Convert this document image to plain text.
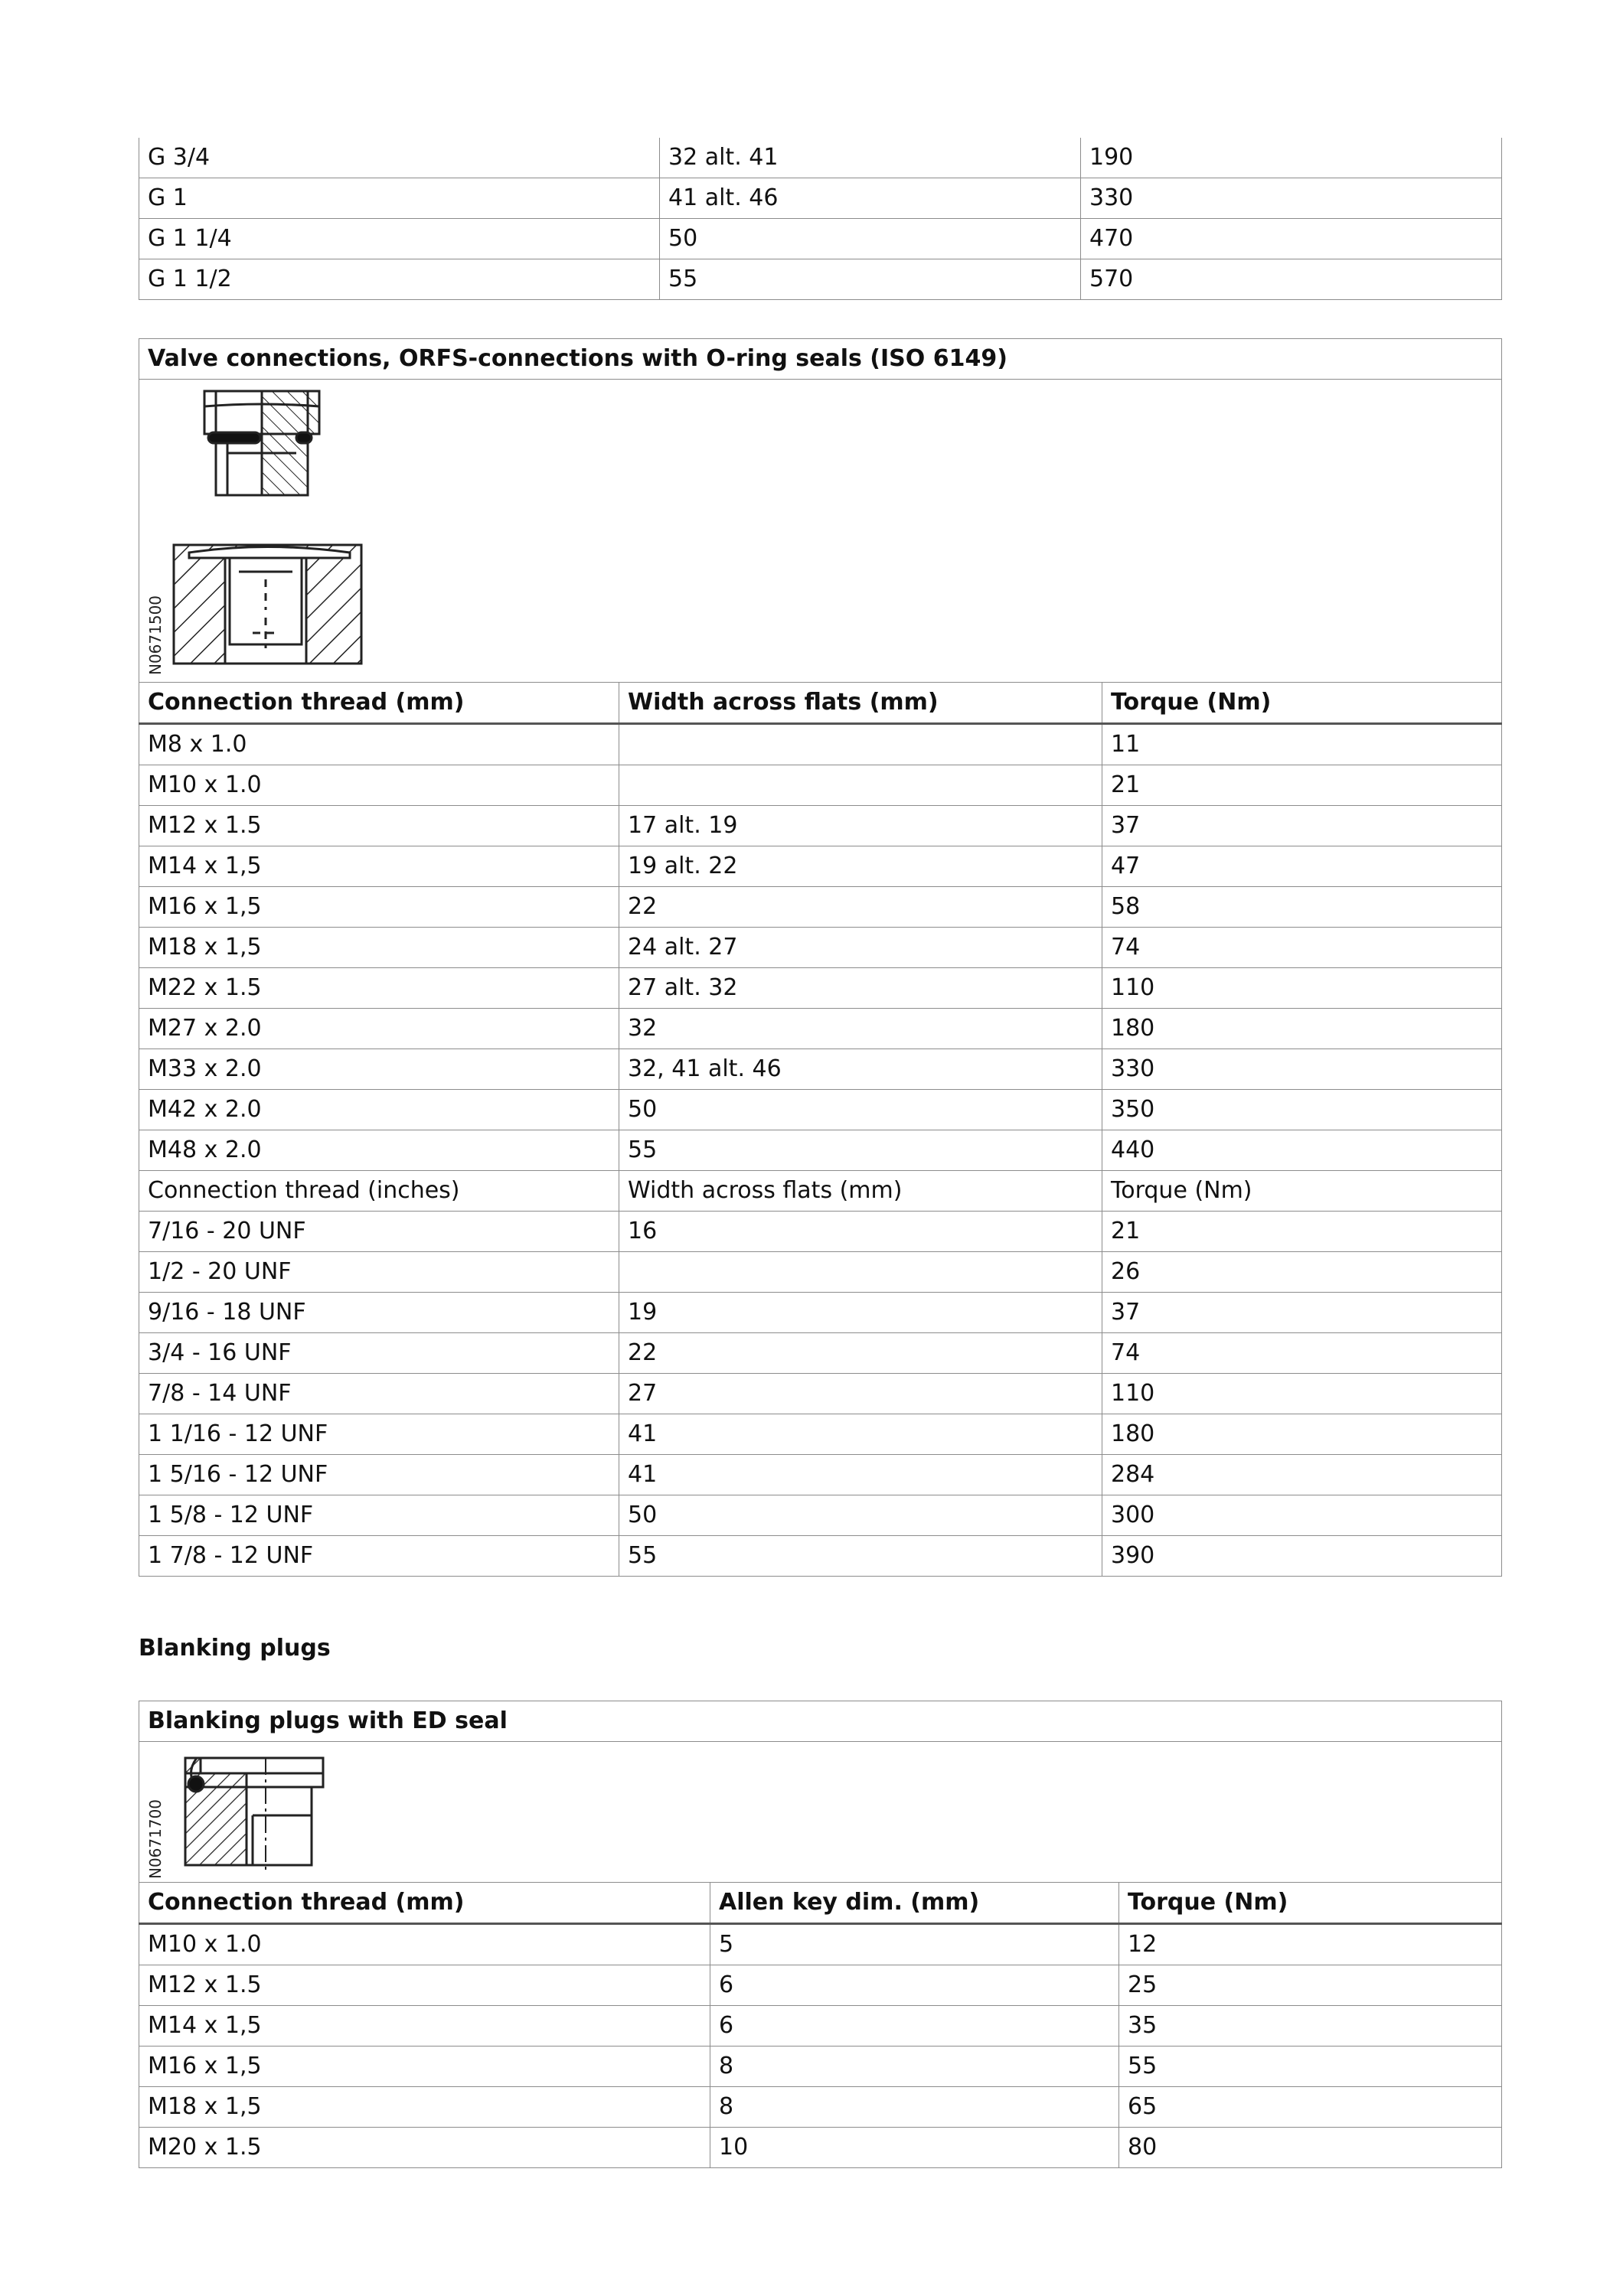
G 3/4	32 alt. 41	190
G 1	41 alt. 46	330
G 1 1/4	50	470
G 1 1/2	55	570
Valve connections, ORFS-connections with O-ring seals (ISO 6149)		

N0671500		

Connection thread (mm)	Width across flats (mm)	Torque (Nm)
M8 x 1.0		11
M10 x 1.0		21
M12 x 1.5	17 alt. 19	37
M14 x 1,5	19 alt. 22	47
M16 x 1,5	22	58
M18 x 1,5	24 alt. 27	74
M22 x 1.5	27 alt. 32	110
M27 x 2.0	32	180
M33 x 2.0	32, 41 alt. 46	330
M42 x 2.0	50	350
M48 x 2.0	55	440
Connection thread (inches)	Width across flats (mm)	Torque (Nm)
7/16 - 20 UNF	16	21
1/2 - 20 UNF		26
9/16 - 18 UNF	19	37
3/4 - 16 UNF	22	74
7/8 - 14 UNF	27	110
1 1/16 - 12 UNF	41	180
1 5/16 - 12 UNF	41	284
1 5/8 - 12 UNF	50	300
1 7/8 - 12 UNF	55	390

Blanking plugs

Blanking plugs with ED seal		

N0671700		

Connection thread (mm)	Allen key dim. (mm)	Torque (Nm)
M10 x 1.0	5	12
M12 x 1.5	6	25
M14 x 1,5	6	35
M16 x 1,5	8	55
M18 x 1,5	8	65
M20 x 1.5	10	80
